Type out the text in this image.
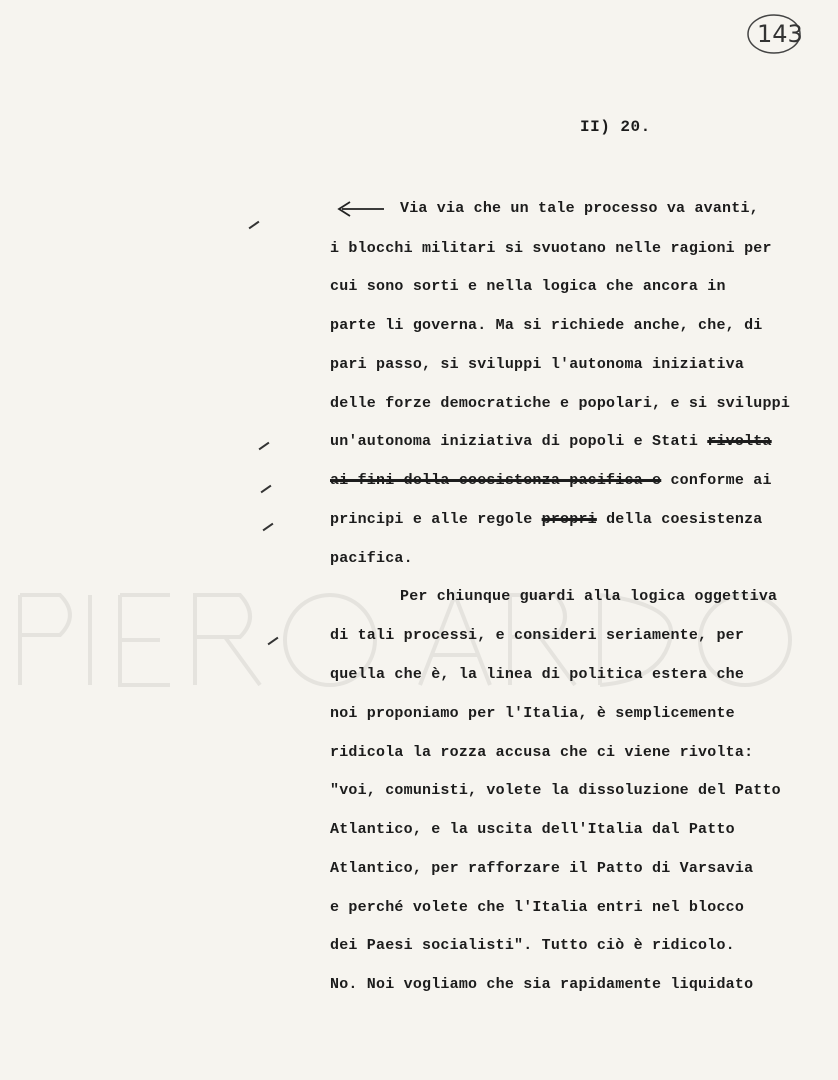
143
II) 20.
Via via che un tale processo va avanti,
i blocchi militari si svuotano nelle ragioni per
cui sono sorti e nella logica che ancora in
parte li governa. Ma si richiede anche, che, di
pari passo, si sviluppi l'autonoma iniziativa
delle forze democratiche e popolari, e si sviluppi
un'autonoma iniziativa di popoli e Stati rivolta
ai fini della coesistenza pacifica e conforme ai
principi e alle regole propri della coesistenza
pacifica.
Per chiunque guardi alla logica oggettiva
di tali processi, e consideri seriamente, per
quella che è, la linea di politica estera che
noi proponiamo per l'Italia, è semplicemente
ridicola la rozza accusa che ci viene rivolta:
"voi, comunisti, volete la dissoluzione del Patto
Atlantico, e la uscita dell'Italia dal Patto
Atlantico, per rafforzare il Patto di Varsavia
e perché volete che l'Italia entri nel blocco
dei Paesi socialisti". Tutto ciò è ridicolo.
No. Noi vogliamo che sia rapidamente liquidato
